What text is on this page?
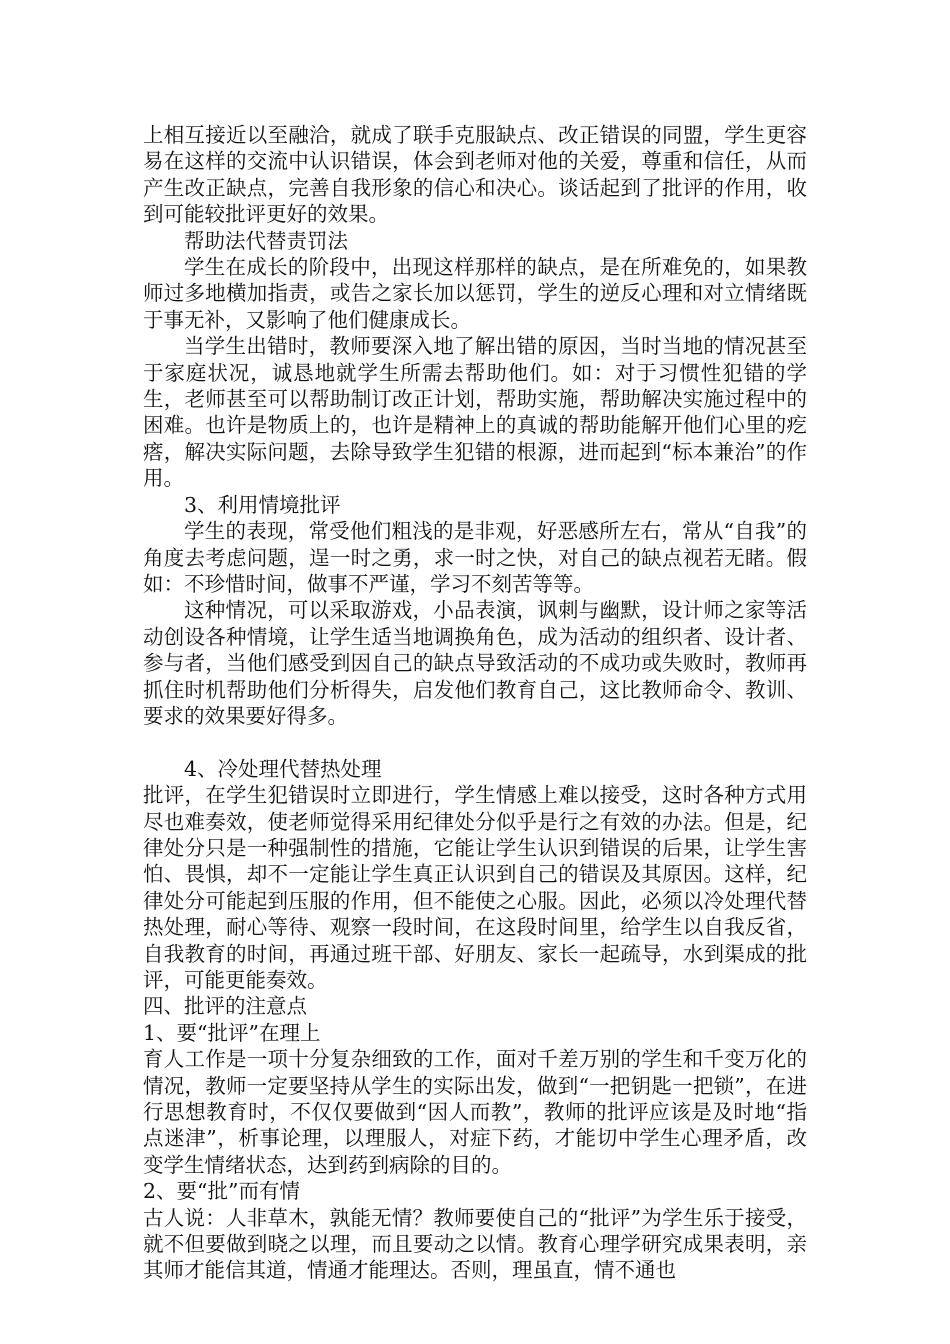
上相互接近以至融洽，就成了联手克服缺点、改正错误的同盟，学生更容易在这样的交流中认识错误，体会到老师对他的关爱，尊重和信任，从而产生改正缺点，完善自我形象的信心和决心。谈话起到了批评的作用，收到可能较批评更好的效果。

帮助法代替责罚法

学生在成长的阶段中，出现这样那样的缺点，是在所难免的，如果教师过多地横加指责，或告之家长加以惩罚，学生的逆反心理和对立情绪既于事无补，又影响了他们健康成长。

当学生出错时，教师要深入地了解出错的原因，当时当地的情况甚至于家庭状况，诚恳地就学生所需去帮助他们。如：对于习惯性犯错的学生，老师甚至可以帮助制订改正计划，帮助实施，帮助解决实施过程中的困难。也许是物质上的，也许是精神上的真诚的帮助能解开他们心里的疙瘩，解决实际问题，去除导致学生犯错的根源，进而起到“标本兼治”的作用。

3、利用情境批评

学生的表现，常受他们粗浅的是非观，好恶感所左右，常从“自我”的角度去考虑问题，逞一时之勇，求一时之快，对自己的缺点视若无睹。假如：不珍惜时间，做事不严谨，学习不刻苦等等。

这种情况，可以采取游戏，小品表演，讽刺与幽默，设计师之家等活动创设各种情境，让学生适当地调换角色，成为活动的组织者、设计者、参与者，当他们感受到因自己的缺点导致活动的不成功或失败时，教师再抓住时机帮助他们分析得失，启发他们教育自己，这比教师命令、教训、要求的效果要好得多。

4、冷处理代替热处理

批评，在学生犯错误时立即进行，学生情感上难以接受，这时各种方式用尽也难奏效，使老师觉得采用纪律处分似乎是行之有效的办法。但是，纪律处分只是一种强制性的措施，它能让学生认识到错误的后果，让学生害怕、畏惧，却不一定能让学生真正认识到自己的错误及其原因。这样，纪律处分可能起到压服的作用，但不能使之心服。因此，必须以冷处理代替热处理，耐心等待、观察一段时间，在这段时间里，给学生以自我反省，自我教育的时间，再通过班干部、好朋友、家长一起疏导，水到渠成的批评，可能更能奏效。

四、批评的注意点

1、要“批评”在理上

育人工作是一项十分复杂细致的工作，面对千差万别的学生和千变万化的情况，教师一定要坚持从学生的实际出发，做到“一把钥匙一把锁”，在进行思想教育时，不仅仅要做到“因人而教”，教师的批评应该是及时地“指点迷津”，析事论理，以理服人，对症下药，才能切中学生心理矛盾，改变学生情绪状态，达到药到病除的目的。

2、要“批”而有情

古人说：人非草木，孰能无情？教师要使自己的“批评”为学生乐于接受，就不但要做到晓之以理，而且要动之以情。教育心理学研究成果表明，亲其师才能信其道，情通才能理达。否则，理虽直，情不通也
